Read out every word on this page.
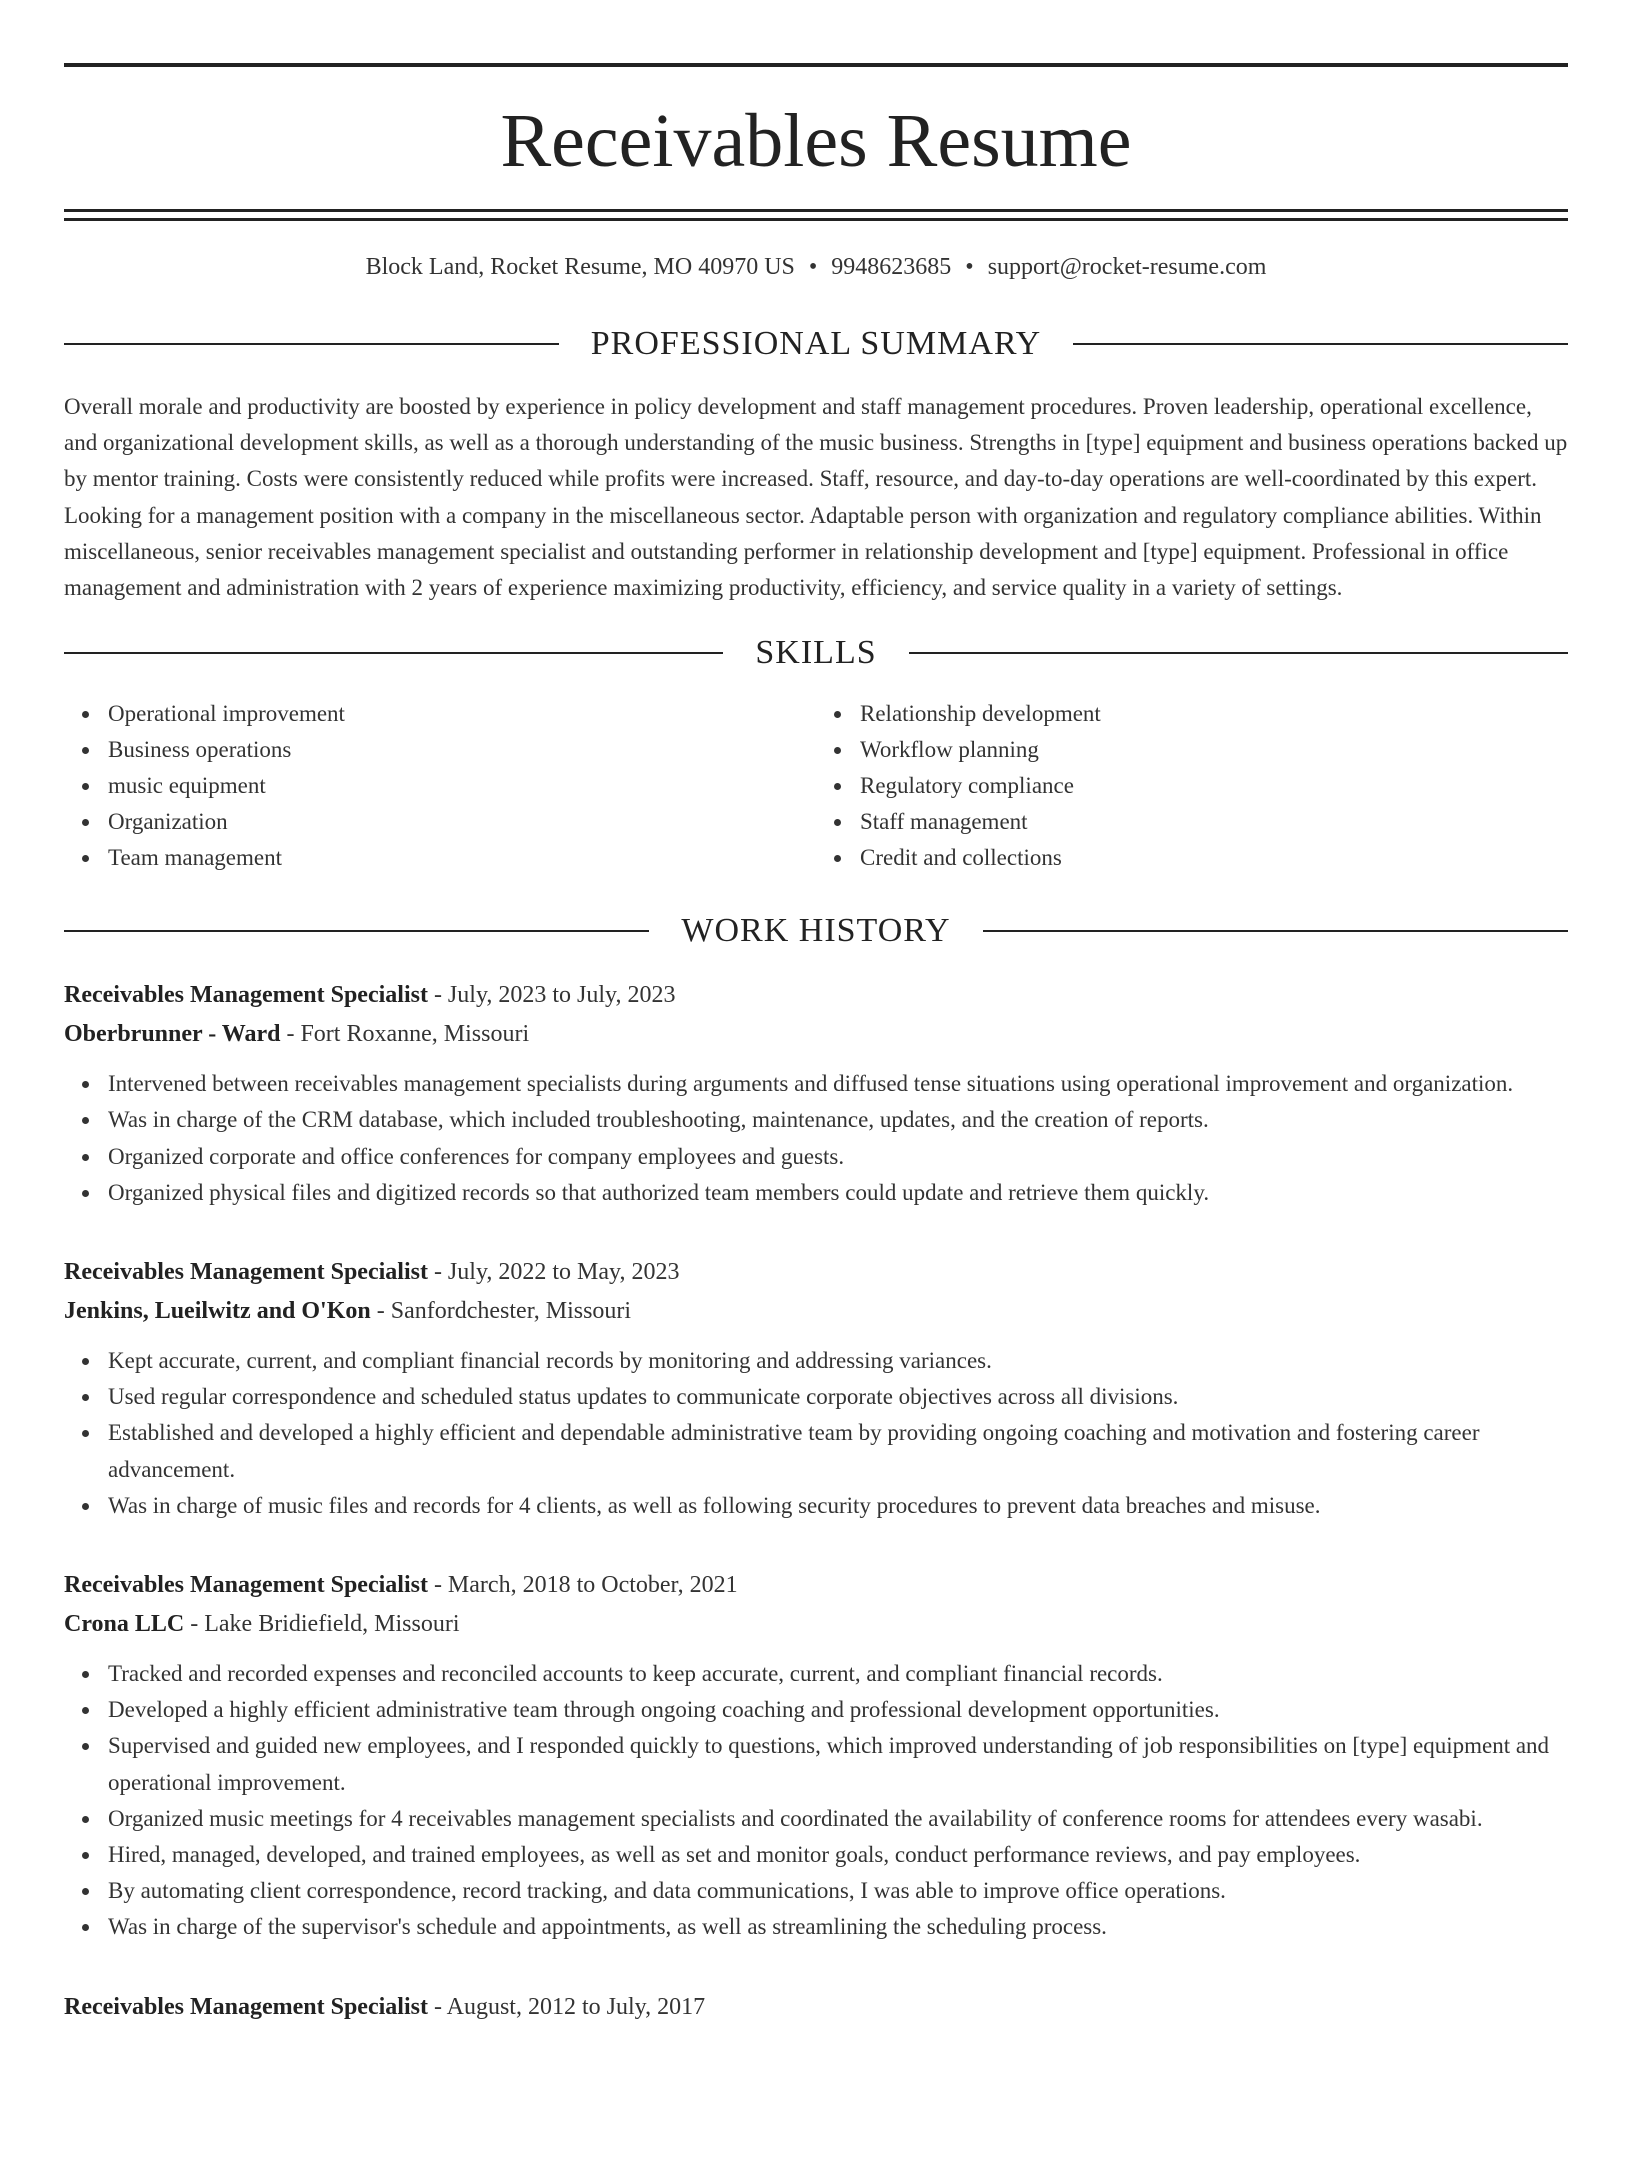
Receivables Resume
Block Land, Rocket Resume, MO 40970 US • 9948623685 • support@rocket-resume.com
PROFESSIONAL SUMMARY

Overall morale and productivity are boosted by experience in policy development and staff management procedures. Proven leadership, operational excellence, and organizational development skills, as well as a thorough understanding of the music business. Strengths in [type] equipment and business operations backed up by mentor training. Costs were consistently reduced while profits were increased. Staff, resource, and day-to-day operations are well-coordinated by this expert. Looking for a management position with a company in the miscellaneous sector. Adaptable person with organization and regulatory compliance abilities. Within miscellaneous, senior receivables management specialist and outstanding performer in relationship development and [type] equipment. Professional in office management and administration with 2 years of experience maximizing productivity, efficiency, and service quality in a variety of settings.

SKILLS
Operational improvement
Business operations
music equipment
Organization
Team management
Relationship development
Workflow planning
Regulatory compliance
Staff management
Credit and collections
WORK HISTORY
Receivables Management Specialist - July, 2023 to July, 2023
Oberbrunner - Ward - Fort Roxanne, Missouri
Intervened between receivables management specialists during arguments and diffused tense situations using operational improvement and organization.
Was in charge of the CRM database, which included troubleshooting, maintenance, updates, and the creation of reports.
Organized corporate and office conferences for company employees and guests.
Organized physical files and digitized records so that authorized team members could update and retrieve them quickly.
Receivables Management Specialist - July, 2022 to May, 2023
Jenkins, Lueilwitz and O'Kon - Sanfordchester, Missouri
Kept accurate, current, and compliant financial records by monitoring and addressing variances.
Used regular correspondence and scheduled status updates to communicate corporate objectives across all divisions.
Established and developed a highly efficient and dependable administrative team by providing ongoing coaching and motivation and fostering career advancement.
Was in charge of music files and records for 4 clients, as well as following security procedures to prevent data breaches and misuse.
Receivables Management Specialist - March, 2018 to October, 2021
Crona LLC - Lake Bridiefield, Missouri
Tracked and recorded expenses and reconciled accounts to keep accurate, current, and compliant financial records.
Developed a highly efficient administrative team through ongoing coaching and professional development opportunities.
Supervised and guided new employees, and I responded quickly to questions, which improved understanding of job responsibilities on [type] equipment and operational improvement.
Organized music meetings for 4 receivables management specialists and coordinated the availability of conference rooms for attendees every wasabi.
Hired, managed, developed, and trained employees, as well as set and monitor goals, conduct performance reviews, and pay employees.
By automating client correspondence, record tracking, and data communications, I was able to improve office operations.
Was in charge of the supervisor's schedule and appointments, as well as streamlining the scheduling process.
Receivables Management Specialist - August, 2012 to July, 2017
